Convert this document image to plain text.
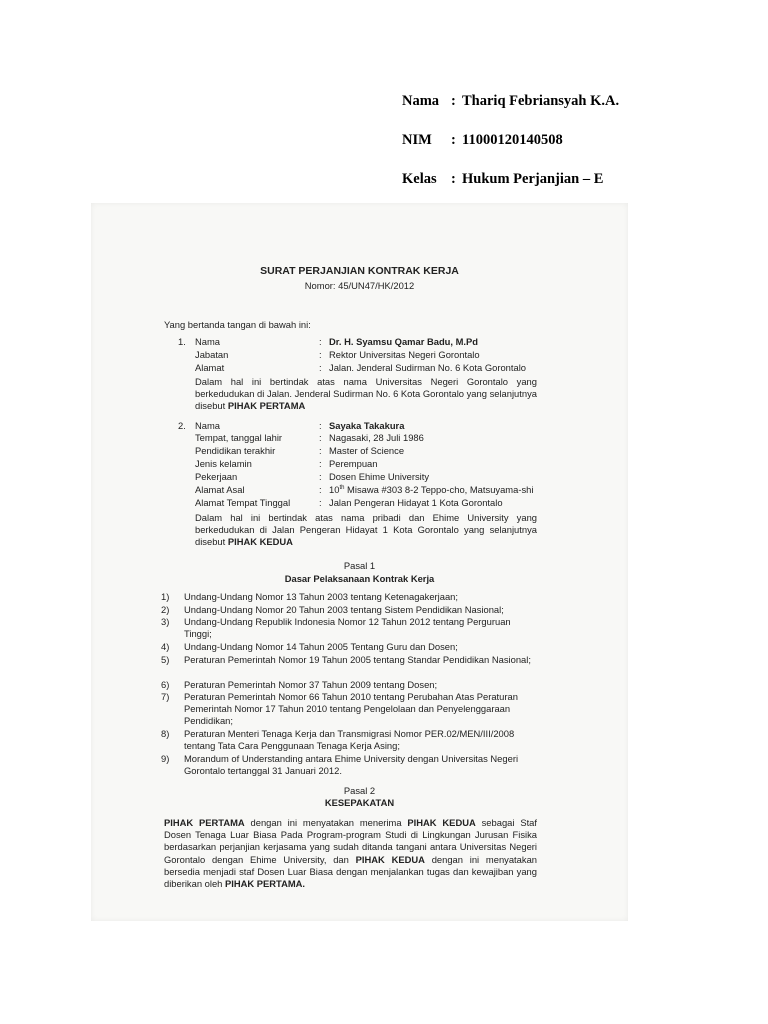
Nama : Thariq Febriansyah K.A.
NIM	: 11000120140508
Kelas : Hukum Perjanjian – E
SURAT PERJANJIAN KONTRAK KERJA
Nomor: 45/UN47/HK/2012
Yang bertanda tangan di bawah ini:
1. Nama	: Dr. H. Syamsu Qamar Badu, M.Pd
Jabatan	: Rektor Universitas Negeri Gorontalo
Alamat	: Jalan. Jenderal Sudirman No. 6 Kota Gorontalo
Dalam hal ini bertindak atas nama Universitas Negeri Gorontalo yang berkedudukan di Jalan. Jenderal Sudirman No. 6 Kota Gorontalo yang selanjutnya disebut PIHAK PERTAMA
2. Nama	: Sayaka Takakura
Tempat, tanggal lahir	: Nagasaki, 28 Juli 1986
Pendidikan terakhir	: Master of Science
Jenis kelamin	: Perempuan
Pekerjaan	: Dosen Ehime University
Alamat Asal	: 10th Misawa #303 8-2 Teppo-cho, Matsuyama-shi
Alamat Tempat Tinggal	: Jalan Pengeran Hidayat 1 Kota Gorontalo
Dalam hal ini bertindak atas nama pribadi dan Ehime University yang berkedudukan di Jalan Pengeran Hidayat 1 Kota Gorontalo yang selanjutnya disebut PIHAK KEDUA
Pasal 1
Dasar Pelaksanaan Kontrak Kerja
1)	Undang-Undang Nomor 13 Tahun 2003 tentang Ketenagakerjaan;
2)	Undang-Undang Nomor 20 Tahun 2003 tentang Sistem Pendidikan Nasional;
3)	Undang-Undang Republik Indonesia Nomor 12 Tahun 2012 tentang Perguruan Tinggi;
4)	Undang-Undang Nomor 14 Tahun 2005 Tentang Guru dan Dosen;
5)	Peraturan Pemerintah Nomor 19 Tahun 2005 tentang Standar Pendidikan Nasional;
6)	Peraturan Pemerintah Nomor 37 Tahun 2009 tentang Dosen;
7)	Peraturan Pemerintah Nomor 66 Tahun 2010 tentang Perubahan Atas Peraturan Pemerintah Nomor 17 Tahun 2010 tentang Pengelolaan dan Penyelenggaraan Pendidikan;
8)	Peraturan Menteri Tenaga Kerja dan Transmigrasi Nomor PER.02/MEN/III/2008 tentang Tata Cara Penggunaan Tenaga Kerja Asing;
9)	Morandum of Understanding antara Ehime University dengan Universitas Negeri Gorontalo tertanggal 31 Januari 2012.
Pasal 2
KESEPAKATAN
PIHAK PERTAMA dengan ini menyatakan menerima PIHAK KEDUA sebagai Staf Dosen Tenaga Luar Biasa Pada Program-program Studi di Lingkungan Jurusan Fisika berdasarkan perjanjian kerjasama yang sudah ditanda tangani antara Universitas Negeri Gorontalo dengan Ehime University, dan PIHAK KEDUA dengan ini menyatakan bersedia menjadi staf Dosen Luar Biasa dengan menjalankan tugas dan kewajiban yang diberikan oleh PIHAK PERTAMA.
